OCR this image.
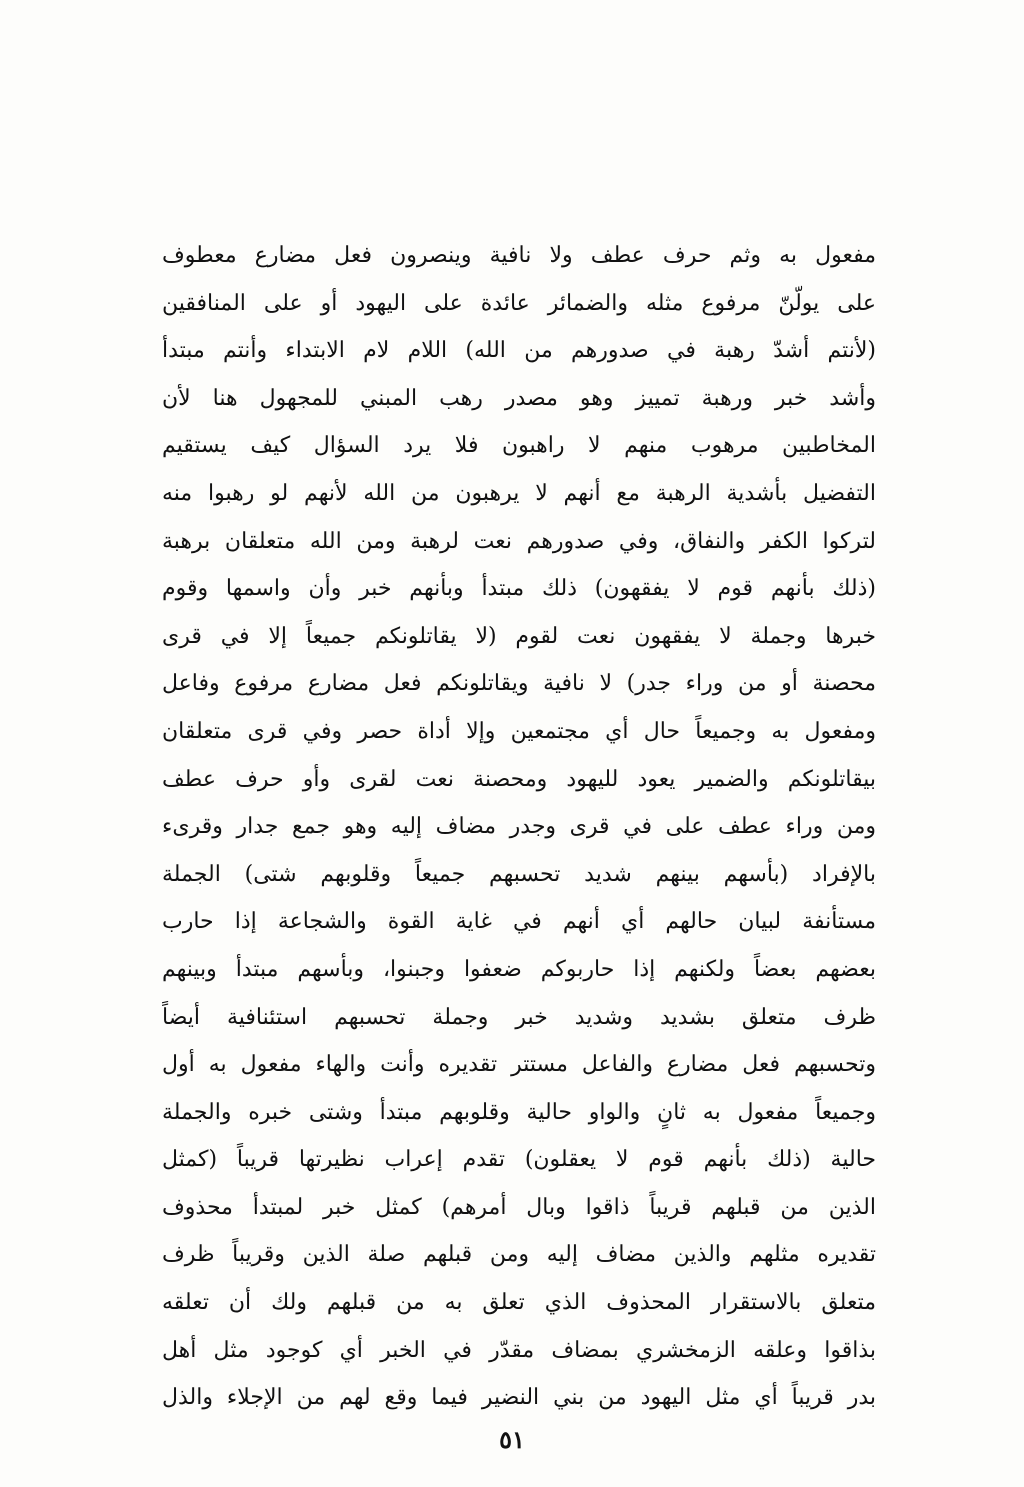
مفعول به وثم حرف عطف ولا نافية وينصرون فعل مضارع معطوف
على يولّنّ مرفوع مثله والضمائر عائدة على اليهود أو على المنافقين
(لأنتم أشدّ رهبة في صدورهم من الله) اللام لام الابتداء وأنتم مبتدأ
وأشد خبر ورهبة تمييز وهو مصدر رهب المبني للمجهول هنا لأن
المخاطبين مرهوب منهم لا راهبون فلا يرد السؤال كيف يستقيم
التفضيل بأشدية الرهبة مع أنهم لا يرهبون من الله لأنهم لو رهبوا منه
لتركوا الكفر والنفاق، وفي صدورهم نعت لرهبة ومن الله متعلقان برهبة
(ذلك بأنهم قوم لا يفقهون) ذلك مبتدأ وبأنهم خبر وأن واسمها وقوم
خبرها وجملة لا يفقهون نعت لقوم (لا يقاتلونكم جميعاً إلا في قرى
محصنة أو من وراء جدر) لا نافية ويقاتلونكم فعل مضارع مرفوع وفاعل
ومفعول به وجميعاً حال أي مجتمعين وإلا أداة حصر وفي قرى متعلقان
بيقاتلونكم والضمير يعود لليهود ومحصنة نعت لقرى وأو حرف عطف
ومن وراء عطف على في قرى وجدر مضاف إليه وهو جمع جدار وقرىء
بالإفراد (بأسهم بينهم شديد تحسبهم جميعاً وقلوبهم شتى) الجملة
مستأنفة لبيان حالهم أي أنهم في غاية القوة والشجاعة إذا حارب
بعضهم بعضاً ولكنهم إذا حاربوكم ضعفوا وجبنوا، وبأسهم مبتدأ وبينهم
ظرف متعلق بشديد وشديد خبر وجملة تحسبهم استئنافية أيضاً
وتحسبهم فعل مضارع والفاعل مستتر تقديره وأنت والهاء مفعول به أول
وجميعاً مفعول به ثانٍ والواو حالية وقلوبهم مبتدأ وشتى خبره والجملة
حالية (ذلك بأنهم قوم لا يعقلون) تقدم إعراب نظيرتها قريباً (كمثل
الذين من قبلهم قريباً ذاقوا وبال أمرهم) كمثل خبر لمبتدأ محذوف
تقديره مثلهم والذين مضاف إليه ومن قبلهم صلة الذين وقريباً ظرف
متعلق بالاستقرار المحذوف الذي تعلق به من قبلهم ولك أن تعلقه
بذاقوا وعلقه الزمخشري بمضاف مقدّر في الخبر أي كوجود مثل أهل
بدر قريباً أي مثل اليهود من بني النضير فيما وقع لهم من الإجلاء والذل
٥١
